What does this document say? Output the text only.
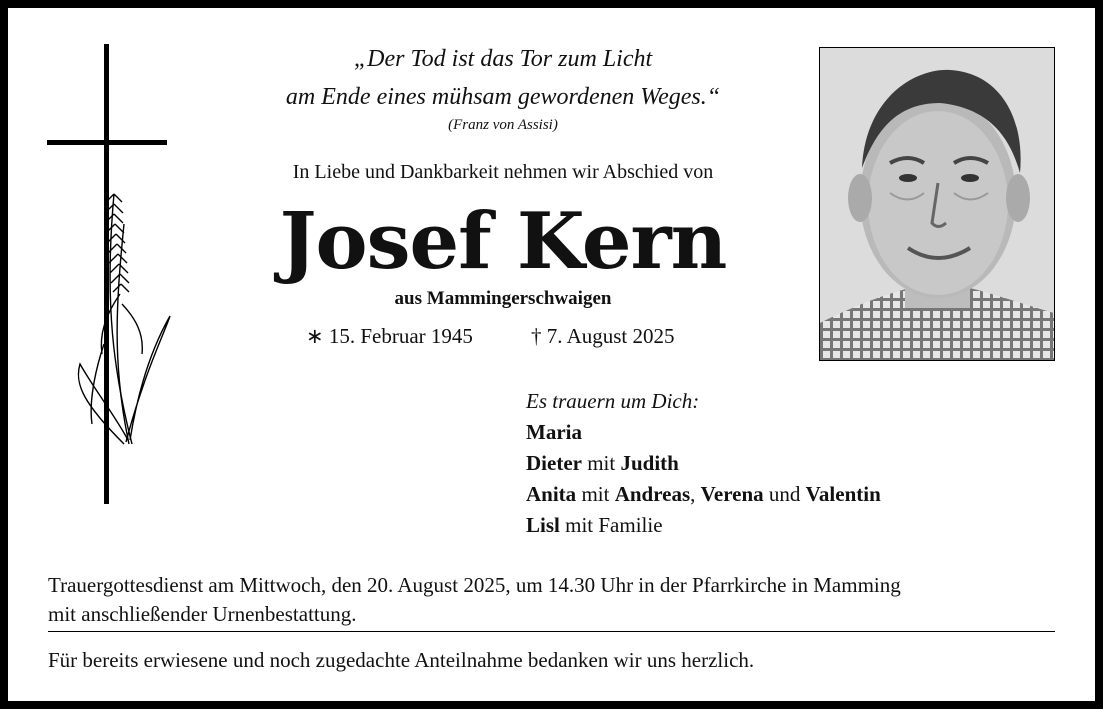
„Der Tod ist das Tor zum Licht
am Ende eines mühsam gewordenen Weges.“
(Franz von Assisi)
In Liebe und Dankbarkeit nehmen wir Abschied von
Josef Kern
aus Mammingerschwaigen
∗ 15. Februar 1945	† 7. August 2025
Es trauern um Dich:
Maria
Dieter mit Judith
Anita mit Andreas, Verena und Valentin
Lisl mit Familie
Trauergottesdienst am Mittwoch, den 20. August 2025, um 14.30 Uhr in der Pfarrkirche in Mamming
mit anschließender Urnenbestattung.
Für bereits erwiesene und noch zugedachte Anteilnahme bedanken wir uns herzlich.
